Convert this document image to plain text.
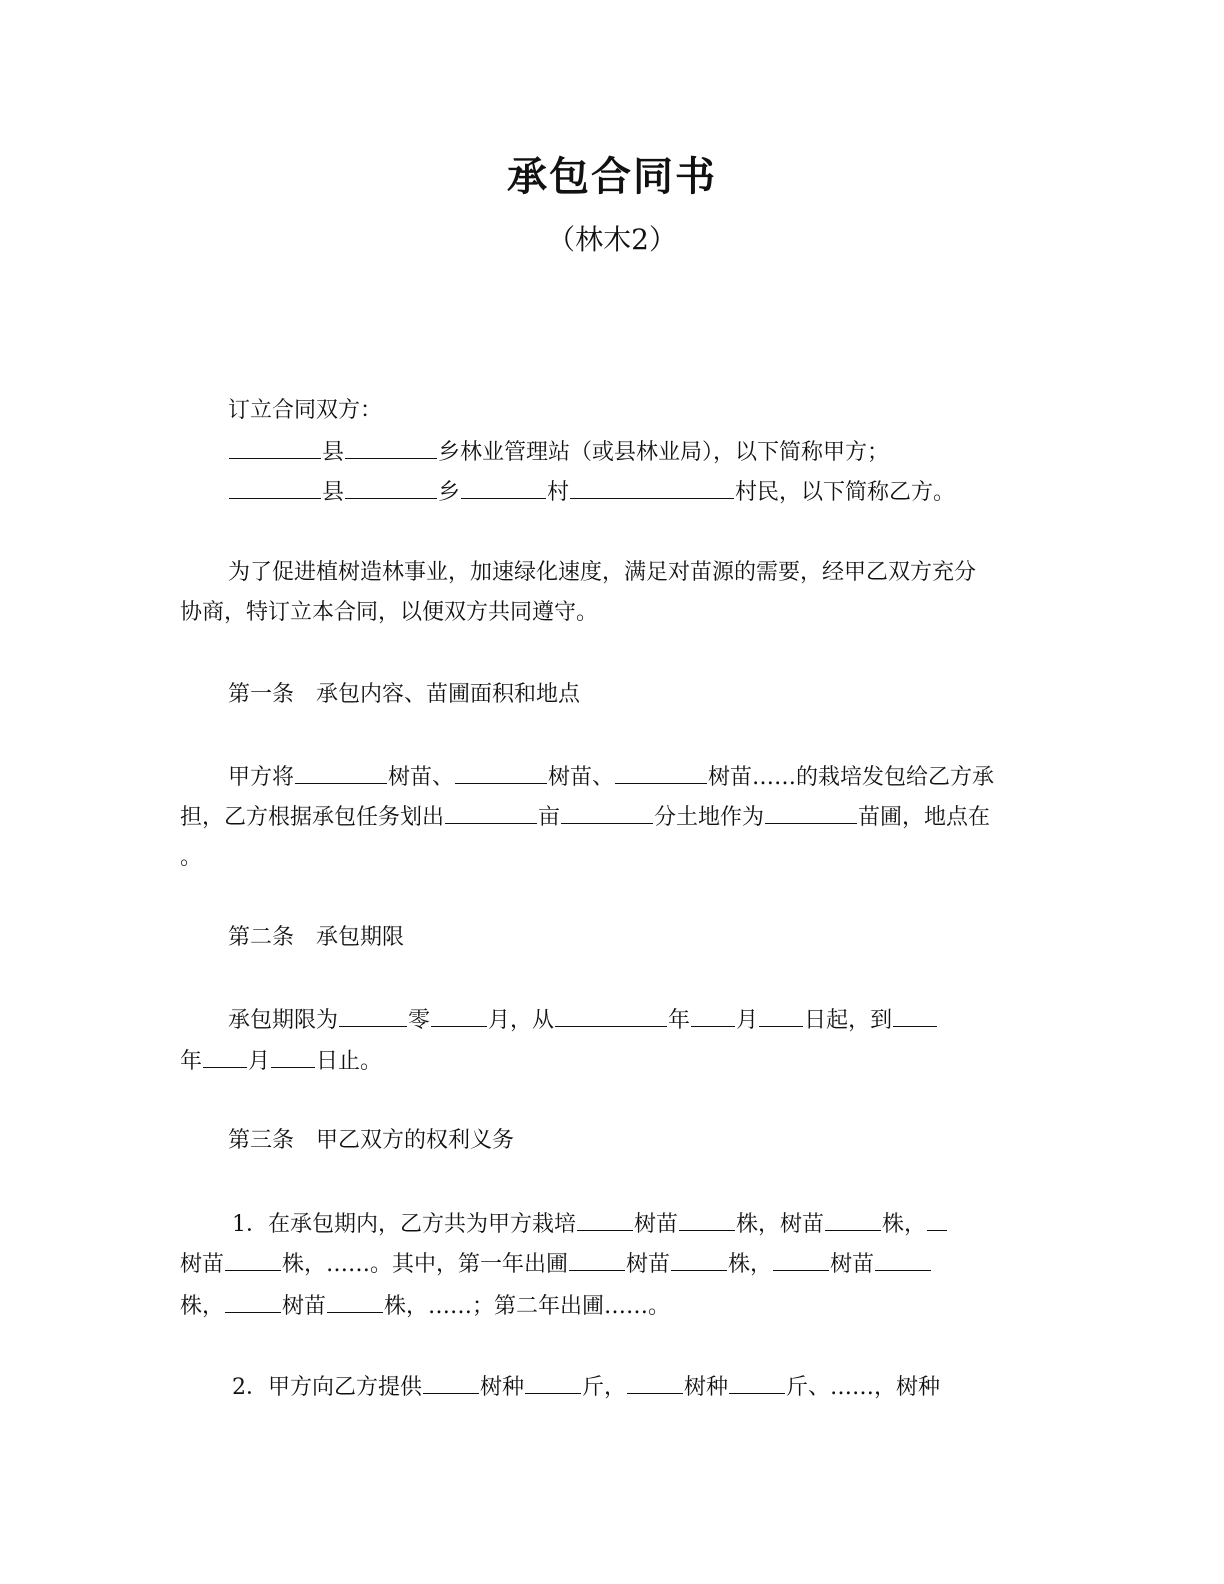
承包合同书
（林木2）
订立合同双方：
县	乡林业管理站（或县林业局），以下简称甲方；
县	乡	村	村民，以下简称乙方。
为了促进植树造林事业，加速绿化速度，满足对苗源的需要，经甲乙双方充分
协商，特订立本合同，以便双方共同遵守。
第一条　承包内容、苗圃面积和地点
甲方将	树苗、	树苗、	树苗……的栽培发包给乙方承
担，乙方根据承包任务划出	亩	分土地作为	苗圃，地点在
。
第二条　承包期限
承包期限为	零	月，从	年 月 日起，到
年 月 日止。
第三条　甲乙双方的权利义务
1．在承包期内，乙方共为甲方栽培	树苗	株，树苗	株，
树苗	株，……。其中，第一年出圃	树苗	株，	树苗
株，	树苗	株，……；第二年出圃……。
2．甲方向乙方提供	树种	斤，	树种	斤、……，树种
